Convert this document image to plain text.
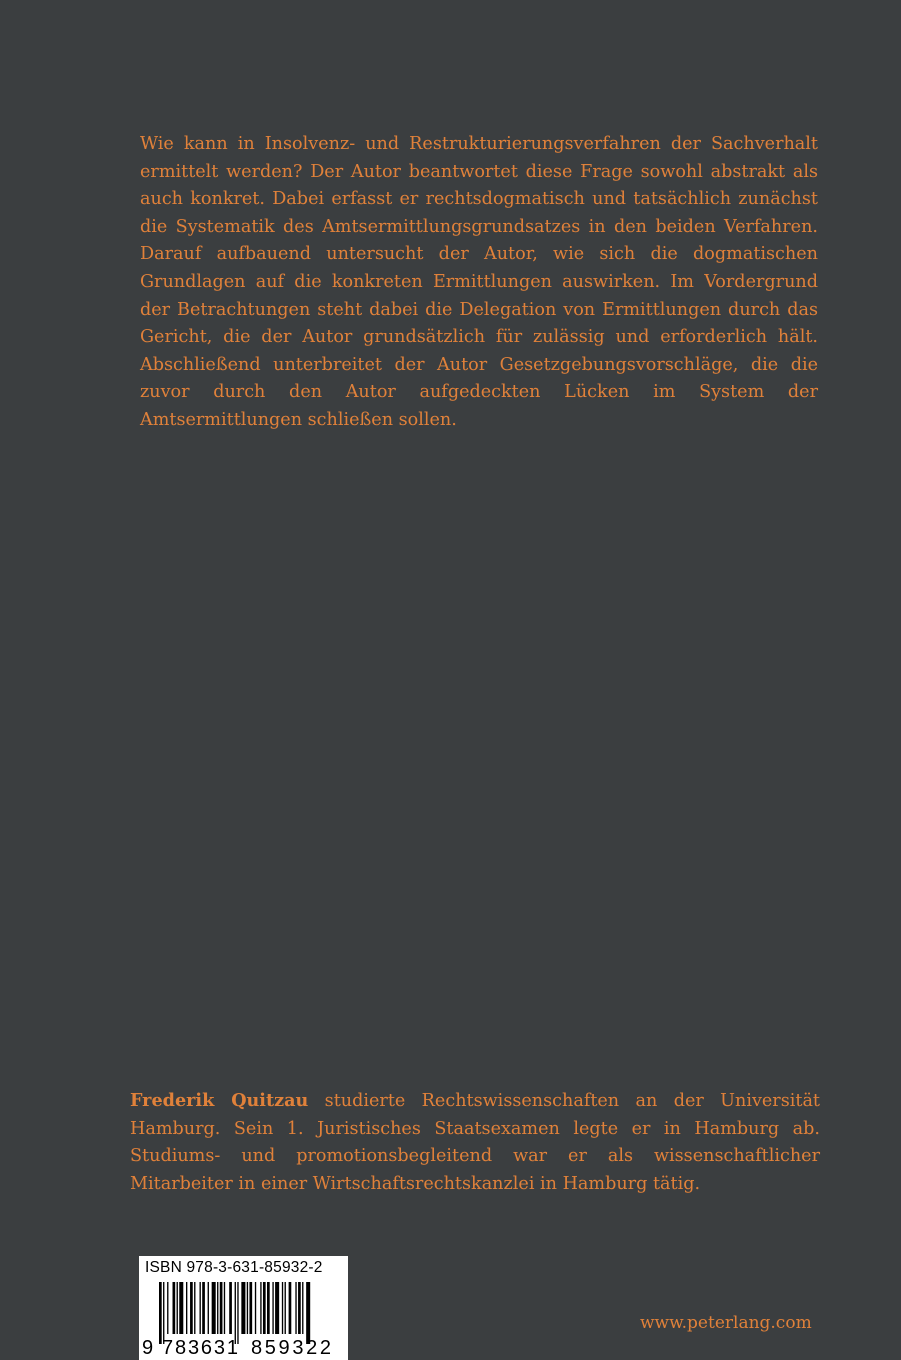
Wie kann in Insolvenz- und Restrukturierungsverfahren der Sachverhalt ermittelt werden? Der Autor beantwortet diese Frage sowohl abstrakt als auch konkret. Dabei erfasst er rechtsdogmatisch und tatsächlich zunächst die Systematik des Amtsermittlungsgrundsatzes in den beiden Verfahren. Darauf aufbauend untersucht der Autor, wie sich die dogmatischen Grundlagen auf die konkreten Ermittlungen auswirken. Im Vordergrund der Betrachtungen steht dabei die Delegation von Ermittlungen durch das Gericht, die der Autor grundsätzlich für zulässig und erforderlich hält. Abschließend unterbreitet der Autor Gesetzgebungsvorschläge, die die zuvor durch den Autor aufgedeckten Lücken im System der Amtsermittlungen schließen sollen.

Frederik Quitzau studierte Rechtswissenschaften an der Universität Hamburg. Sein 1. Juristisches Staatsexamen legte er in Hamburg ab. Studiums- und promotionsbegleitend war er als wissenschaftlicher Mitarbeiter in einer Wirtschaftsrechtskanzlei in Hamburg tätig.

ISBN 978-3-631-85932-2
9 783631 859322
www.peterlang.com
